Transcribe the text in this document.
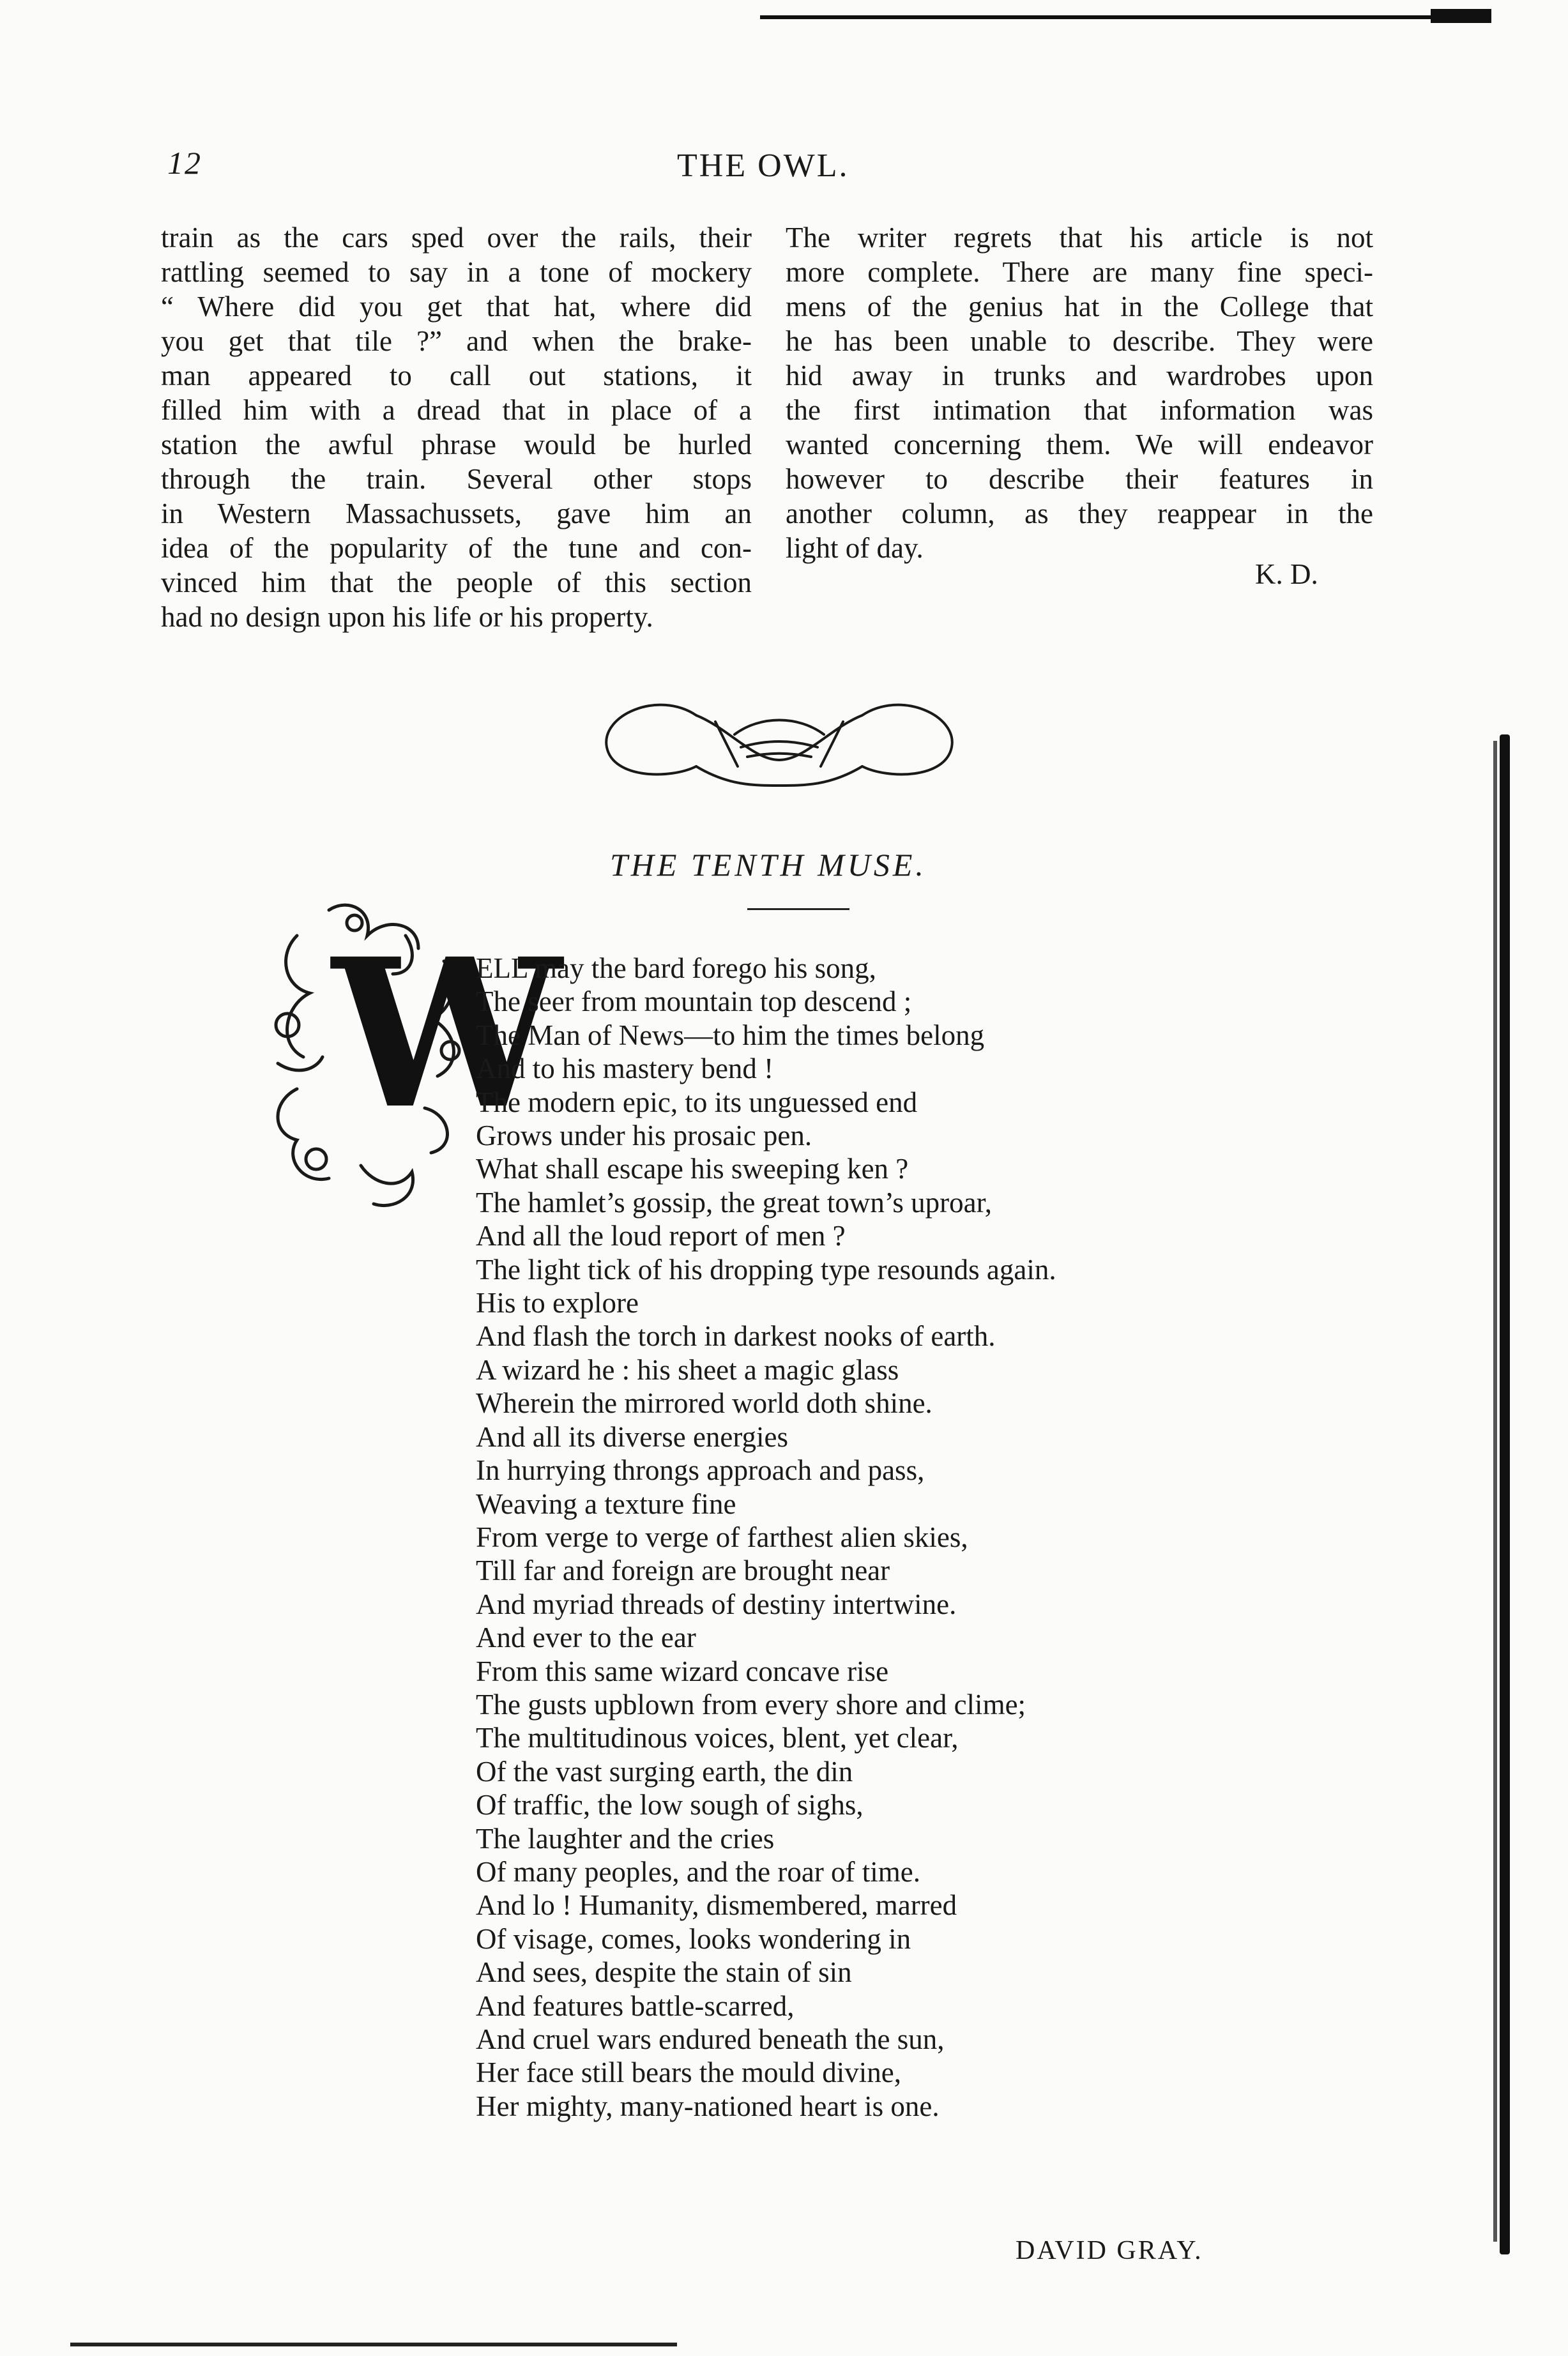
12	THE OWL.
train as the cars sped over the rails, their
rattling seemed to say in a tone of mockery
“ Where did you get that hat, where did
you get that tile ?” and when the brake-
man appeared to call out stations, it
filled him with a dread that in place of a
station the awful phrase would be hurled
through the train. Several other stops
in Western Massachussets, gave him an
idea of the popularity of the tune and con-
vinced him that the people of this section
had no design upon his life or his property.
The writer regrets that his article is not
more complete. There are many fine speci-
mens of the genius hat in the College that
he has been unable to describe. They were
hid away in trunks and wardrobes upon
the first intimation that information was
wanted concerning them. We will endeavor
however to describe their features in
another column, as they reappear in the
light of day.
K. D.
THE TENTH MUSE.
W
ELL may the bard forego his song,
The seer from mountain top descend ;
The Man of News—to him the times belong
And to his mastery bend !
The modern epic, to its unguessed end
Grows under his prosaic pen.
What shall escape his sweeping ken ?
The hamlet’s gossip, the great town’s uproar,
And all the loud report of men ?
The light tick of his dropping type resounds again.
His to explore
And flash the torch in darkest nooks of earth.
A wizard he : his sheet a magic glass
Wherein the mirrored world doth shine.
And all its diverse energies
In hurrying throngs approach and pass,
Weaving a texture fine
From verge to verge of farthest alien skies,
Till far and foreign are brought near
And myriad threads of destiny intertwine.
And ever to the ear
From this same wizard concave rise
The gusts upblown from every shore and clime;
The multitudinous voices, blent, yet clear,
Of the vast surging earth, the din
Of traffic, the low sough of sighs,
The laughter and the cries
Of many peoples, and the roar of time.
And lo ! Humanity, dismembered, marred
Of visage, comes, looks wondering in
And sees, despite the stain of sin
And features battle-scarred,
And cruel wars endured beneath the sun,
Her face still bears the mould divine,
Her mighty, many-nationed heart is one.
DAVID GRAY.
